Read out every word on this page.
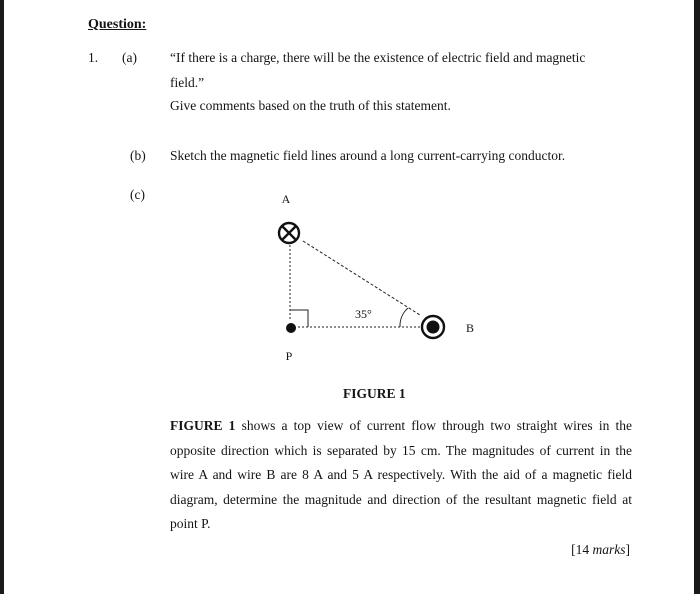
Question:
1. (a) “If there is a charge, there will be the existence of electric field and magnetic
field.”
Give comments based on the truth of this statement.
(b) Sketch the magnetic field lines around a long current-carrying conductor.
(c)	A
35°
P
B
FIGURE 1
FIGURE 1 shows a top view of current flow through two straight wires in the opposite direction which is separated by 15 cm. The magnitudes of current in the wire A and wire B are 8 A and 5 A respectively. With the aid of a magnetic field diagram, determine the magnitude and direction of the resultant magnetic field at point P.
[14 marks]
